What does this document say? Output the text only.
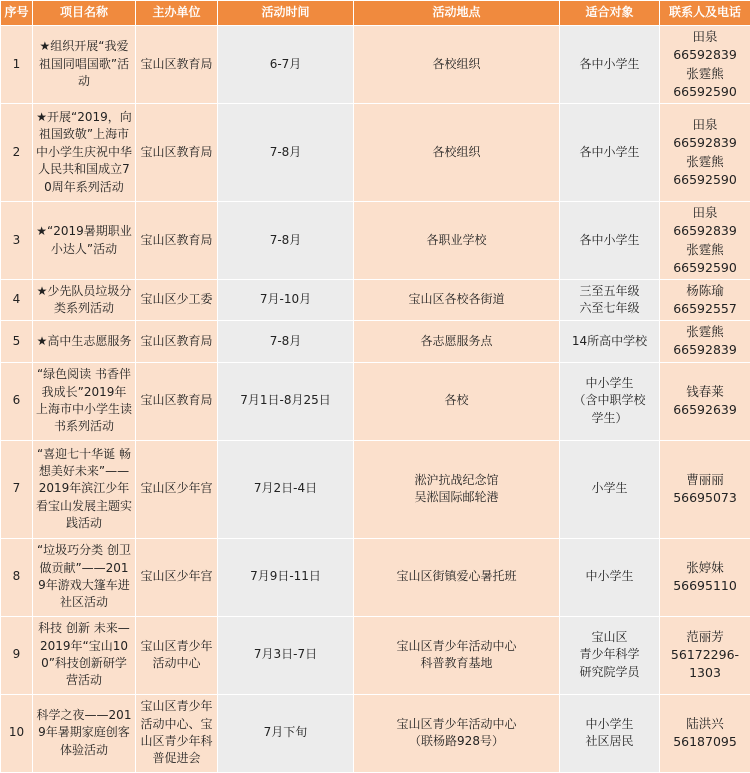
序号	项目名称	主办单位	活动时间	活动地点	适合对象	联系人及电话
1	★组织开展“我爱祖国同唱国歌”活动	宝山区教育局	6-7月	各校组织	各中小学生	田泉
66592839
张霆熊
66592590

2	★开展“2019，向祖国致敬”上海市中小学生庆祝中华人民共和国成立70周年系列活动	宝山区教育局	7-8月	各校组织	各中小学生	田泉
66592839
张霆熊
66592590

3	★“2019暑期职业小达人”活动	宝山区教育局	7-8月	各职业学校	各中小学生	田泉
66592839
张霆熊
66592590

4	★少先队员垃圾分类系列活动	宝山区少工委	7月-10月	宝山区各校各街道	三至五年级
六至七年级	杨陈瑜
66592557

5	★高中生志愿服务	宝山区教育局	7-8月	各志愿服务点	14所高中学校	张霆熊
66592839

6	“绿色阅读 书香伴我成长”2019年上海市中小学生读书系列活动	宝山区教育局	7月1日-8月25日	各校	中小学生
（含中职学校
学生）	钱春莱
66592639

7	“喜迎七十华诞 畅想美好未来”——2019年滨江少年看宝山发展主题实践活动	宝山区少年宫	7月2日-4日	淞沪抗战纪念馆
吴淞国际邮轮港	小学生	曹丽丽
56695073

8	“垃圾巧分类 创卫做贡献”——2019年游戏大篷车进社区活动	宝山区少年宫	7月9日-11日	宝山区街镇爱心暑托班	中小学生	张婷妹
56695110

9	科技 创新 未来—2019年“宝山100”科技创新研学营活动	宝山区青少年活动中心	7月3日-7日	宝山区青少年活动中心
科普教育基地	宝山区
青少年科学
研究院学员	范丽芳
56172296-
1303

10	科学之夜——2019年暑期家庭创客体验活动	宝山区青少年活动中心、宝山区青少年科普促进会	7月下旬	宝山区青少年活动中心
（联杨路928号）	中小学生
社区居民	陆洪兴
56187095
